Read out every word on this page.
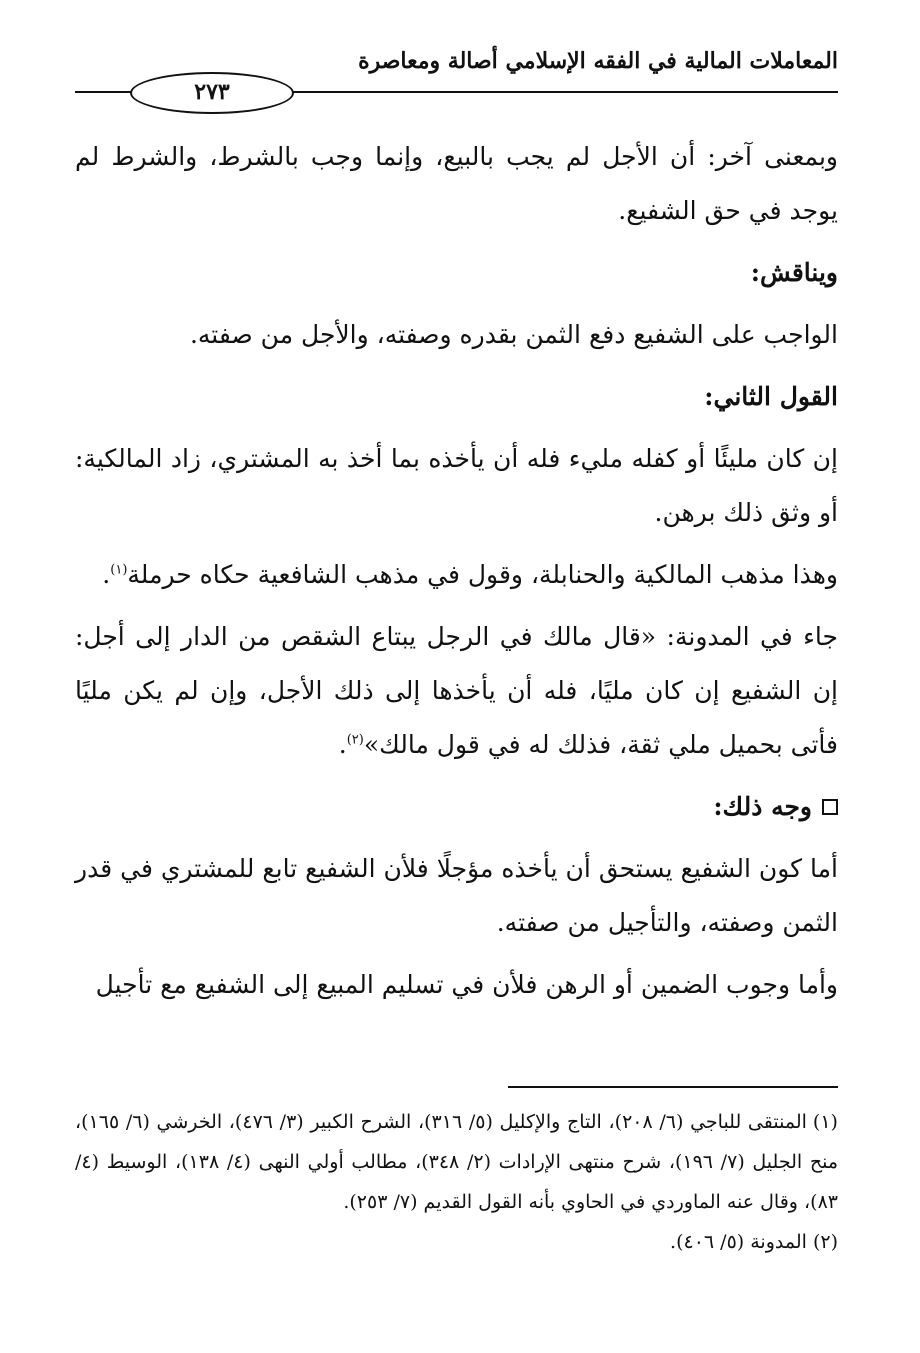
المعاملات المالية في الفقه الإسلامي أصالة ومعاصرة
٢٧٣

وبمعنى آخر: أن الأجل لم يجب بالبيع، وإنما وجب بالشرط، والشرط لم يوجد في حق الشفيع.

ويناقش:

الواجب على الشفيع دفع الثمن بقدره وصفته، والأجل من صفته.

القول الثاني:

إن كان مليئًا أو كفله مليء فله أن يأخذه بما أخذ به المشتري، زاد المالكية: أو وثق ذلك برهن.

وهذا مذهب المالكية والحنابلة، وقول في مذهب الشافعية حكاه حرملة$^{(١)}$.

جاء في المدونة: «قال مالك في الرجل يبتاع الشقص من الدار إلى أجل: إن الشفيع إن كان مليًا، فله أن يأخذها إلى ذلك الأجل، وإن لم يكن مليًا فأتى بحميل ملي ثقة، فذلك له في قول مالك»$^{(٢)}$.

وجه ذلك:

أما كون الشفيع يستحق أن يأخذه مؤجلًا فلأن الشفيع تابع للمشتري في قدر الثمن وصفته، والتأجيل من صفته.

وأما وجوب الضمين أو الرهن فلأن في تسليم المبيع إلى الشفيع مع تأجيل

(١)المنتقى للباجي (٦/ ٢٠٨)، التاج والإكليل (٥/ ٣١٦)، الشرح الكبير (٣/ ٤٧٦)، الخرشي (٦/ ١٦٥)، منح الجليل (٧/ ١٩٦)، شرح منتهى الإرادات (٢/ ٣٤٨)، مطالب أولي النهى (٤/ ١٣٨)، الوسيط (٤/ ٨٣)، وقال عنه الماوردي في الحاوي بأنه القول القديم (٧/ ٢٥٣).

(٢)المدونة (٥/ ٤٠٦).
